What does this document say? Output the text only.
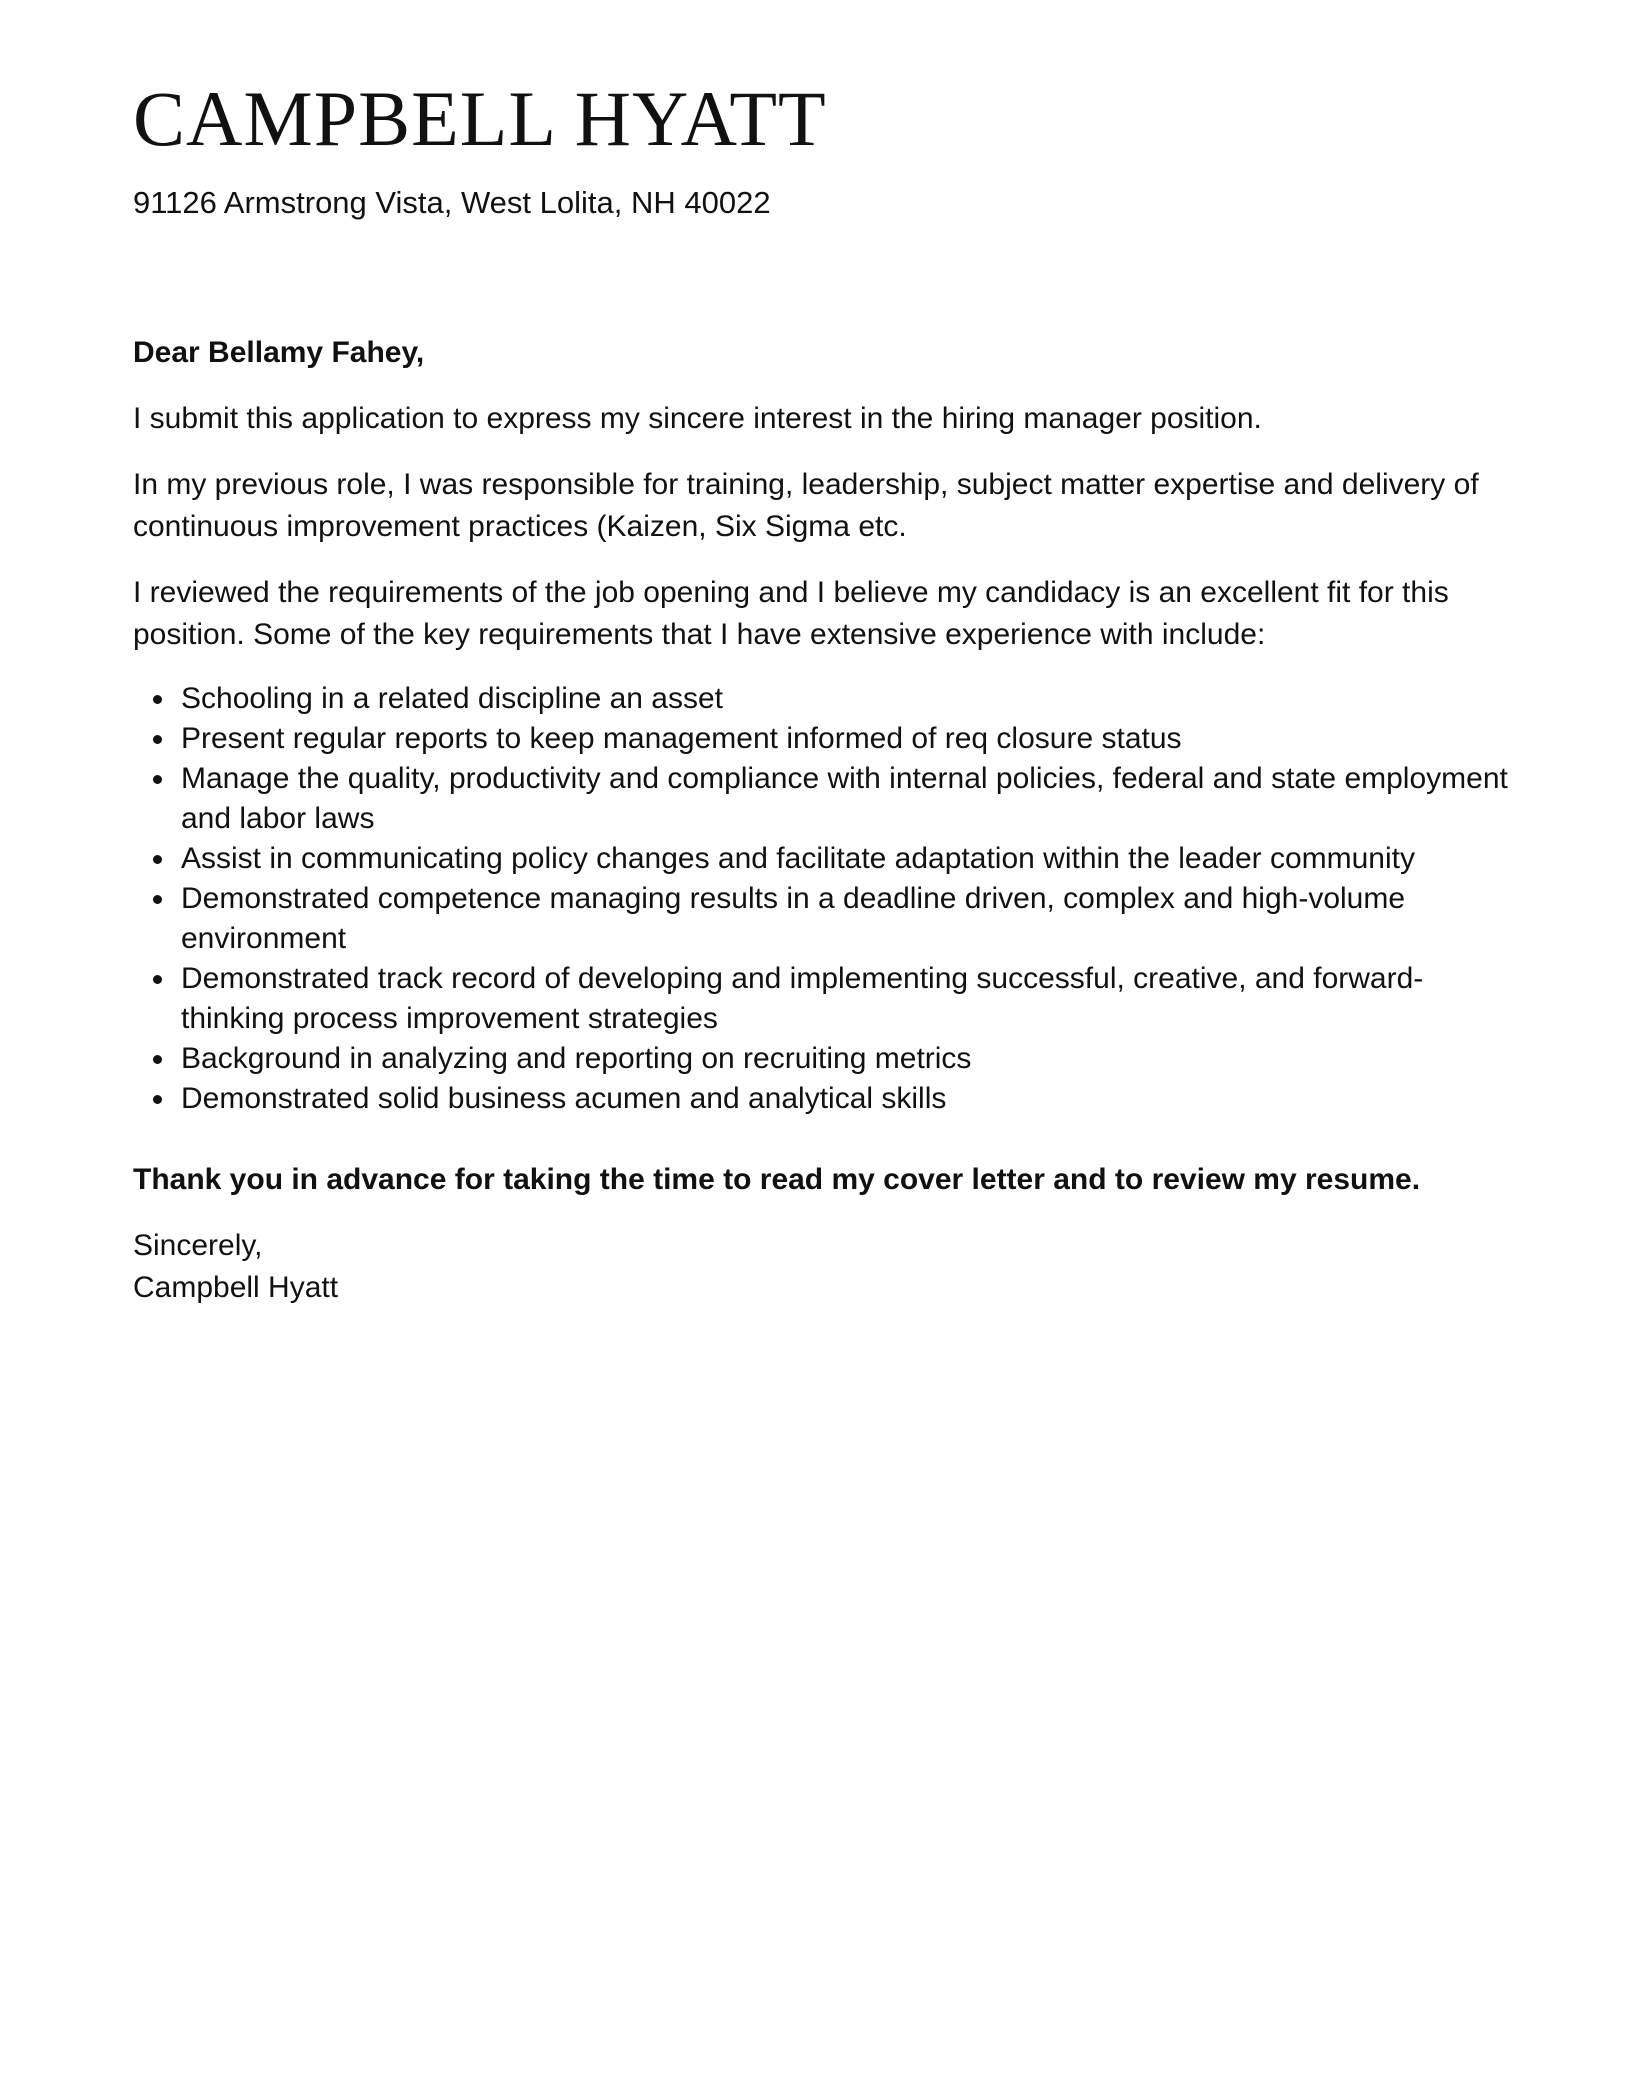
CAMPBELL HYATT
91126 Armstrong Vista, West Lolita, NH 40022
Dear Bellamy Fahey,

I submit this application to express my sincere interest in the hiring manager position.

In my previous role, I was responsible for training, leadership, subject matter expertise and delivery of continuous improvement practices (Kaizen, Six Sigma etc.

I reviewed the requirements of the job opening and I believe my candidacy is an excellent fit for this position. Some of the key requirements that I have extensive experience with include:

Schooling in a related discipline an asset
Present regular reports to keep management informed of req closure status
Manage the quality, productivity and compliance with internal policies, federal and state employment and labor laws
Assist in communicating policy changes and facilitate adaptation within the leader community
Demonstrated competence managing results in a deadline driven, complex and high-volume environment
Demonstrated track record of developing and implementing successful, creative, and forward-thinking process improvement strategies
Background in analyzing and reporting on recruiting metrics
Demonstrated solid business acumen and analytical skills

Thank you in advance for taking the time to read my cover letter and to review my resume.

Sincerely,
Campbell Hyatt
